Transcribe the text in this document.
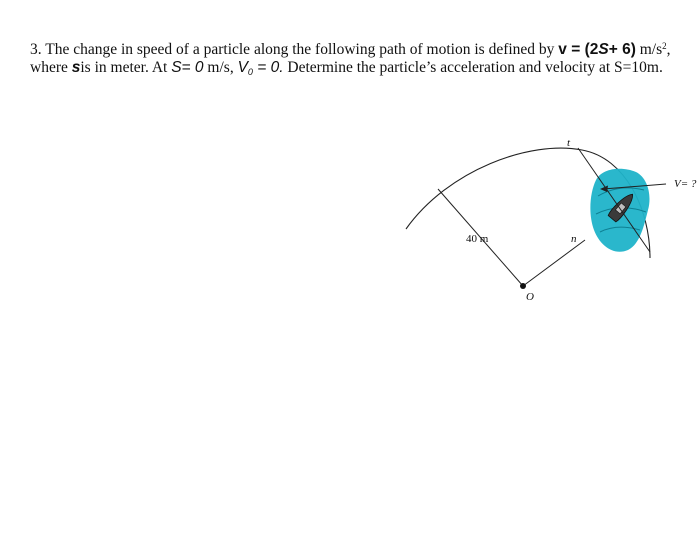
3. The change in speed of a particle along the following path of motion is defined by v = (2S+ 6) $m/s^2$, where sis in meter. At S= 0 m/s, $V_0 = 0$. Determine the particle’s acceleration and velocity at S=10m.
t
V= ?
40 m	n
O
